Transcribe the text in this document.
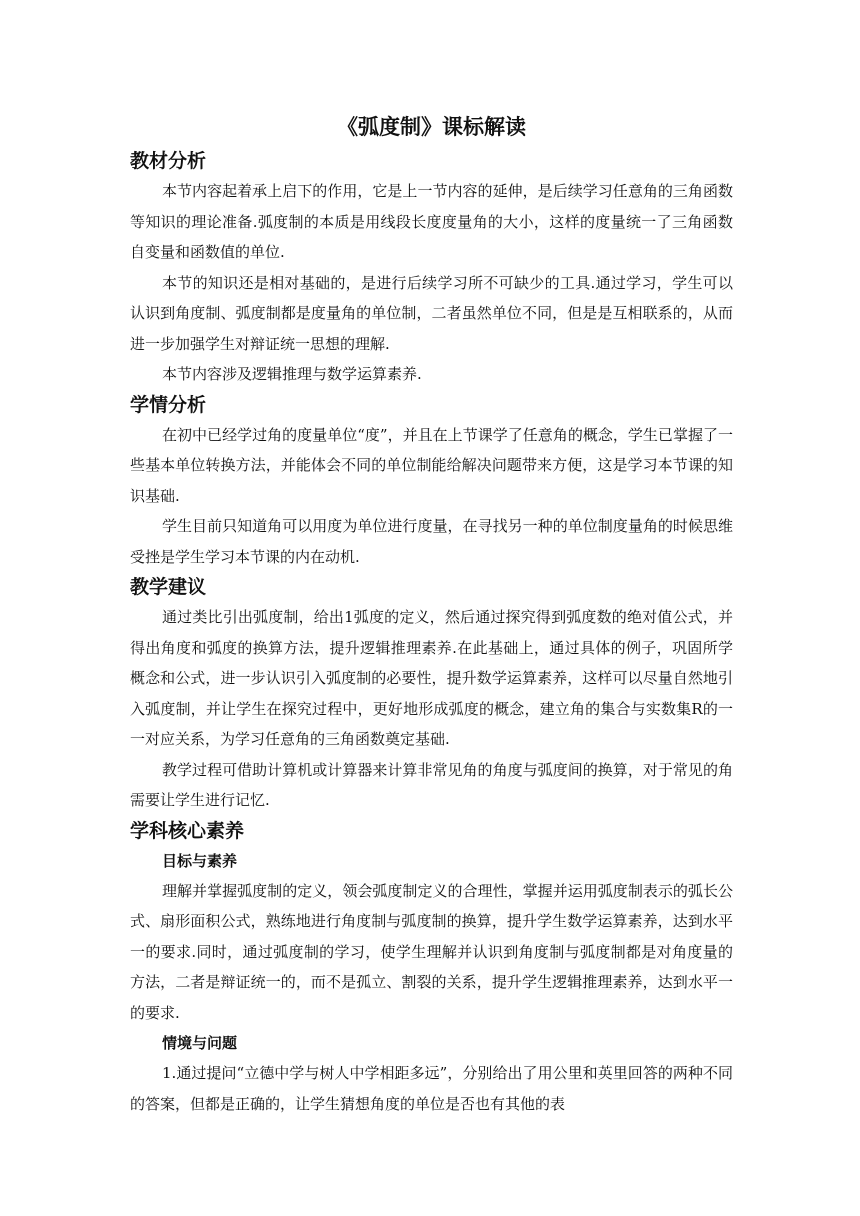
《弧度制》课标解读
教材分析

本节内容起着承上启下的作用，它是上一节内容的延伸，是后续学习任意角的三角函数等知识的理论准备.弧度制的本质是用线段长度度量角的大小，这样的度量统一了三角函数自变量和函数值的单位.

本节的知识还是相对基础的，是进行后续学习所不可缺少的工具.通过学习，学生可以认识到角度制、弧度制都是度量角的单位制，二者虽然单位不同，但是是互相联系的，从而进一步加强学生对辩证统一思想的理解.

本节内容涉及逻辑推理与数学运算素养.

学情分析

在初中已经学过角的度量单位“度”，并且在上节课学了任意角的概念，学生已掌握了一些基本单位转换方法，并能体会不同的单位制能给解决问题带来方便，这是学习本节课的知识基础.

学生目前只知道角可以用度为单位进行度量，在寻找另一种的单位制度量角的时候思维受挫是学生学习本节课的内在动机.

教学建议

通过类比引出弧度制，给出1弧度的定义，然后通过探究得到弧度数的绝对值公式，并得出角度和弧度的换算方法，提升逻辑推理素养.在此基础上，通过具体的例子，巩固所学概念和公式，进一步认识引入弧度制的必要性，提升数学运算素养，这样可以尽量自然地引入弧度制，并让学生在探究过程中，更好地形成弧度的概念，建立角的集合与实数集R的一一对应关系，为学习任意角的三角函数奠定基础.

教学过程可借助计算机或计算器来计算非常见角的角度与弧度间的换算，对于常见的角需要让学生进行记忆.

学科核心素养
目标与素养

理解并掌握弧度制的定义，领会弧度制定义的合理性，掌握并运用弧度制表示的弧长公式、扇形面积公式，熟练地进行角度制与弧度制的换算，提升学生数学运算素养，达到水平一的要求.同时，通过弧度制的学习，使学生理解并认识到角度制与弧度制都是对角度量的方法，二者是辩证统一的，而不是孤立、割裂的关系，提升学生逻辑推理素养，达到水平一的要求.

情境与问题

1.通过提问“立德中学与树人中学相距多远”，分别给出了用公里和英里回答的两种不同的答案，但都是正确的，让学生猜想角度的单位是否也有其他的表
